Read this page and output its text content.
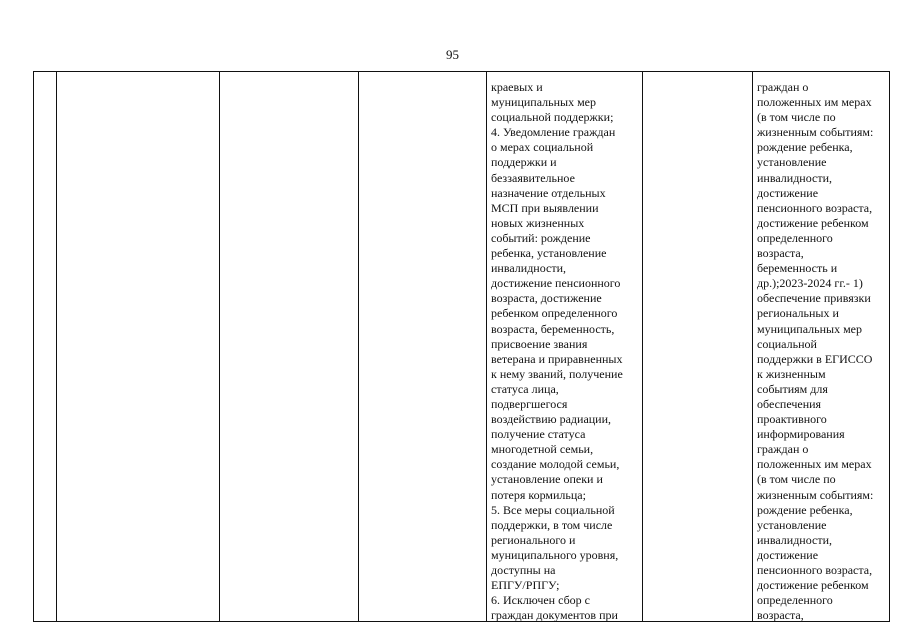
95
краевых и
муниципальных мер
социальной поддержки;
4. Уведомление граждан
о мерах социальной
поддержки и
беззаявительное
назначение отдельных
МСП при выявлении
новых жизненных
событий: рождение
ребенка, установление
инвалидности,
достижение пенсионного
возраста, достижение
ребенком определенного
возраста, беременность,
присвоение звания
ветерана и приравненных
к нему званий, получение
статуса лица,
подвергшегося
воздействию радиации,
получение статуса
многодетной семьи,
создание молодой семьи,
установление опеки и
потеря кормильца;
5. Все меры социальной
поддержки, в том числе
регионального и
муниципального уровня,
доступны на
ЕПГУ/РПГУ;
6. Исключен сбор с
граждан документов при
граждан о
положенных им мерах
(в том числе по
жизненным событиям:
рождение ребенка,
установление
инвалидности,
достижение
пенсионного возраста,
достижение ребенком
определенного
возраста,
беременность и
др.);2023-2024 гг.- 1)
обеспечение привязки
региональных и
муниципальных мер
социальной
поддержки в ЕГИССО
к жизненным
событиям для
обеспечения
проактивного
информирования
граждан о
положенных им мерах
(в том числе по
жизненным событиям:
рождение ребенка,
установление
инвалидности,
достижение
пенсионного возраста,
достижение ребенком
определенного
возраста,
